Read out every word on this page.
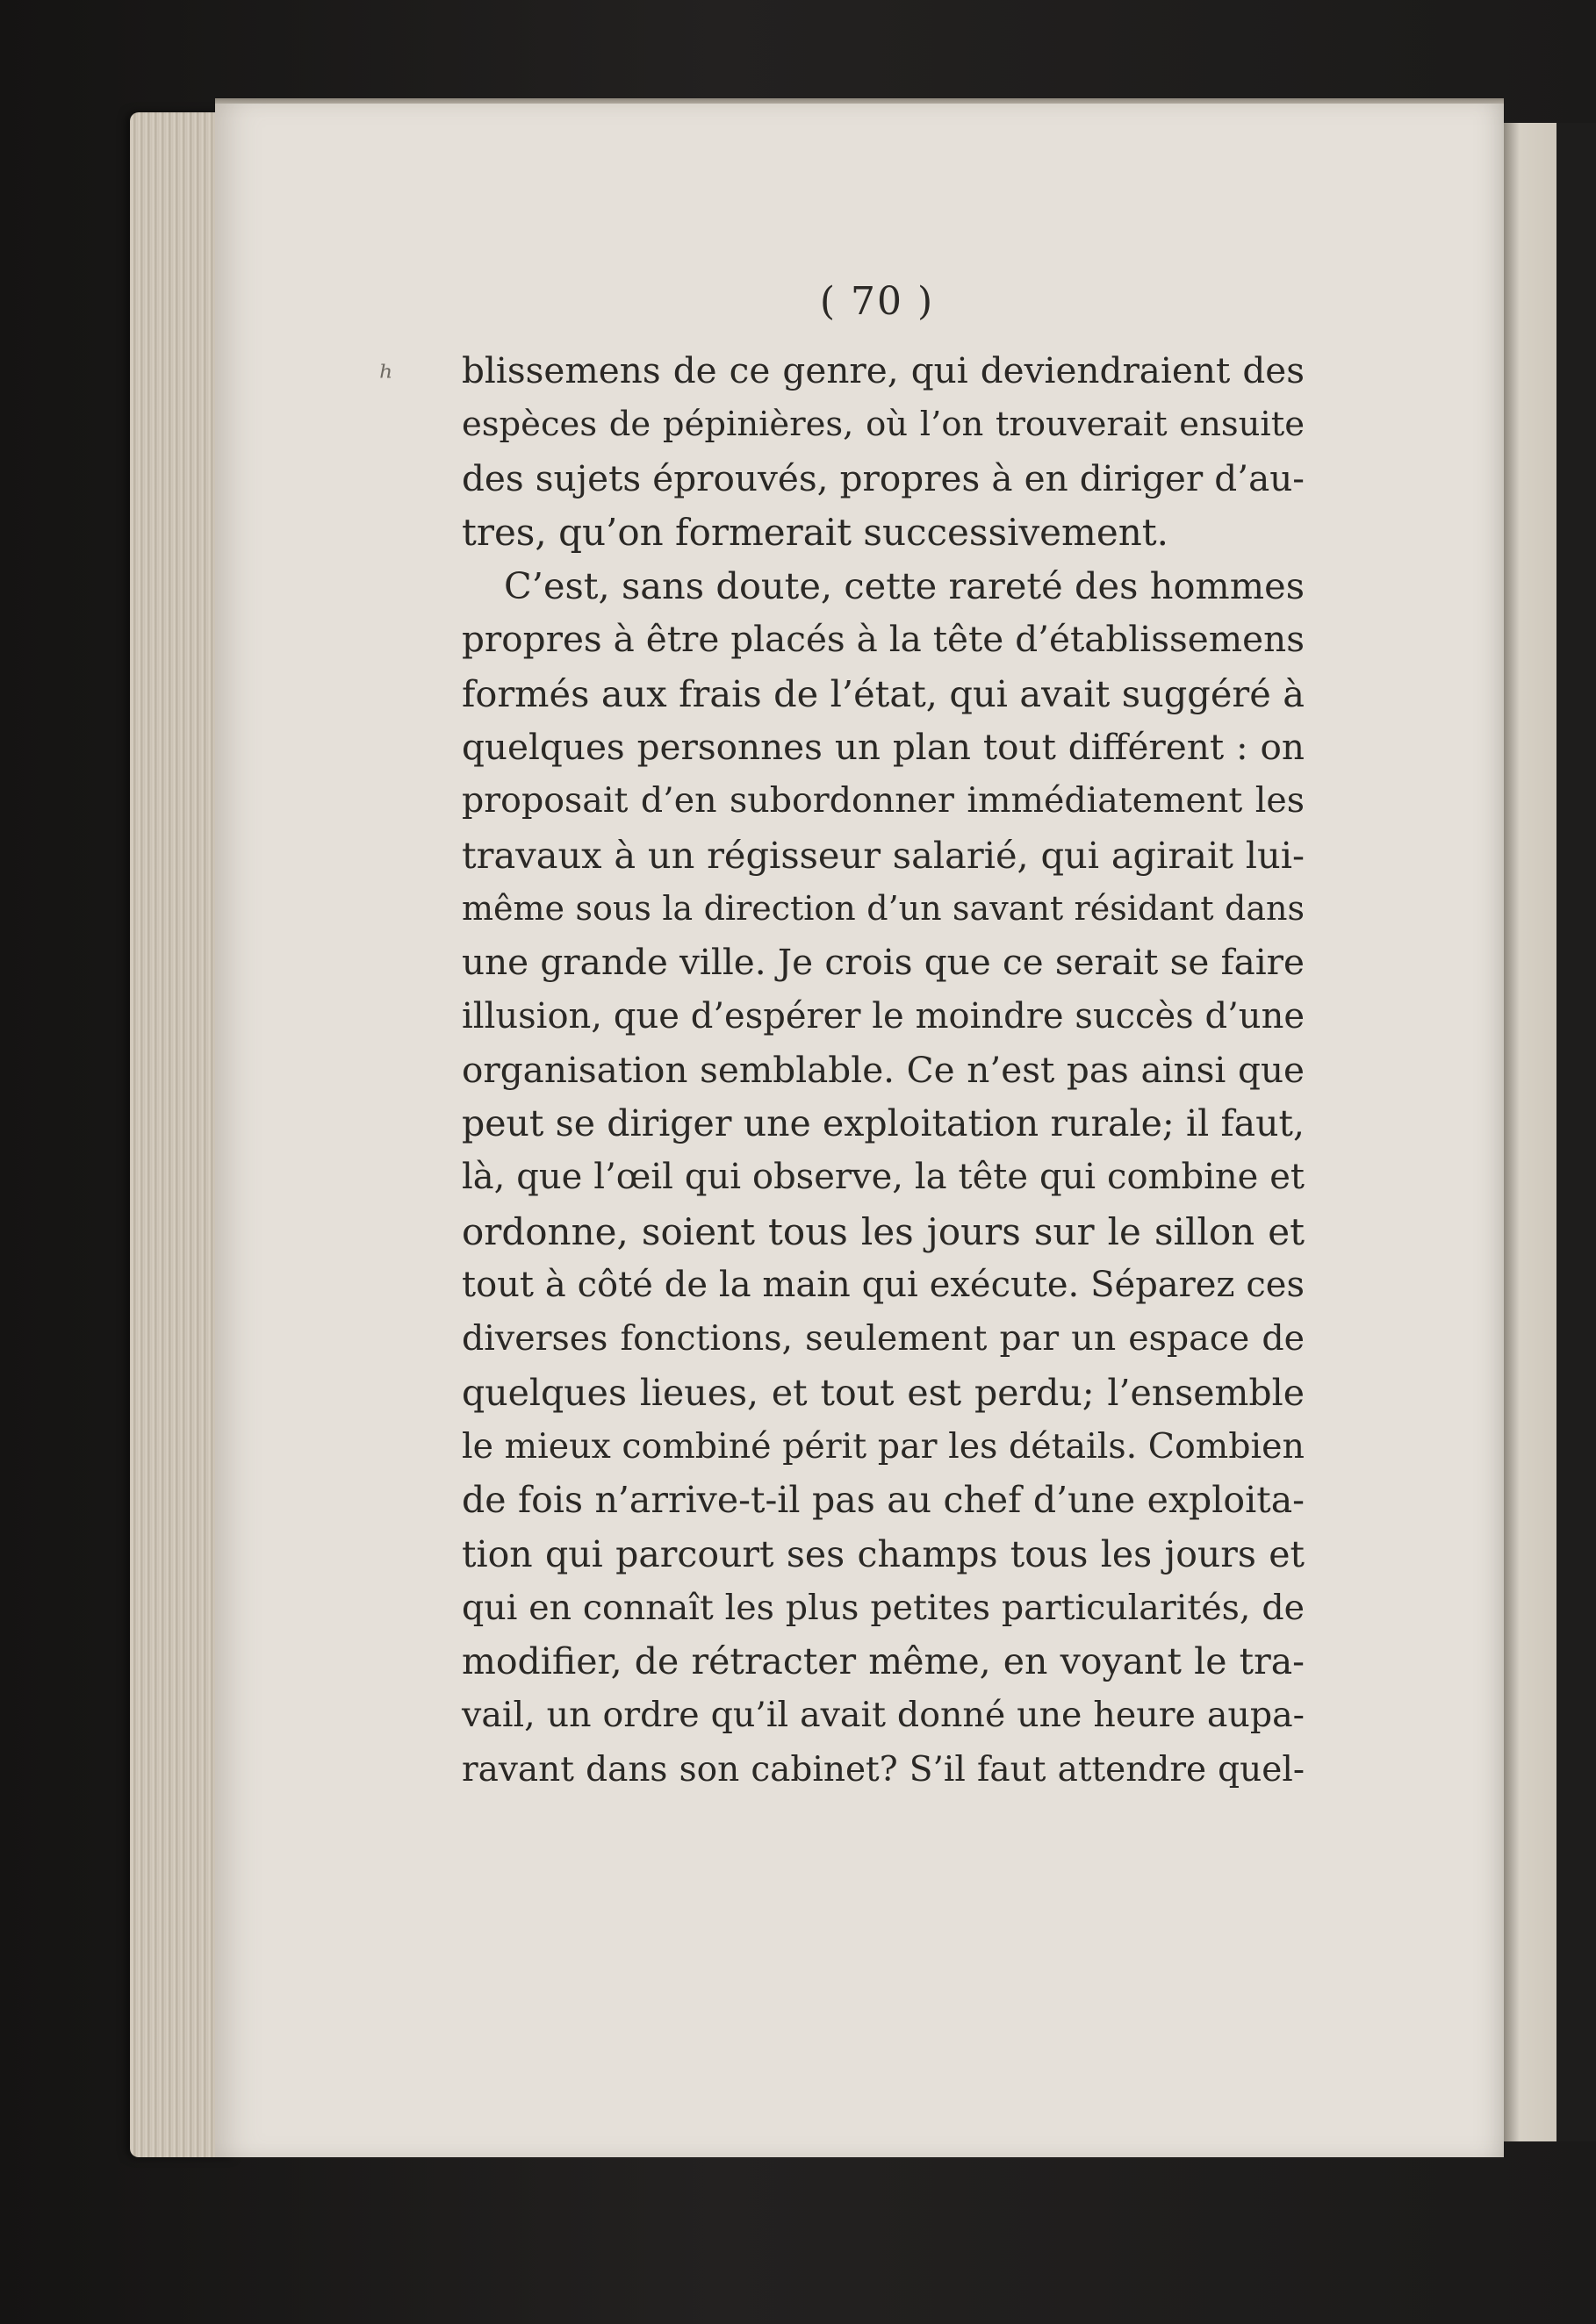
( 70 )
ʰ blissemens de ce genre, qui deviendraient des
espèces de pépinières, où l’on trouverait ensuite
des sujets éprouvés, propres à en diriger d’au-
tres, qu’on formerait successivement.
C’est, sans doute, cette rareté des hommes
propres à être placés à la tête d’établissemens
formés aux frais de l’état, qui avait suggéré à
quelques personnes un plan tout différent : on
proposait d’en subordonner immédiatement les
travaux à un régisseur salarié, qui agirait lui-
même sous la direction d’un savant résidant dans
une grande ville. Je crois que ce serait se faire
illusion, que d’espérer le moindre succès d’une
organisation semblable. Ce n’est pas ainsi que
peut se diriger une exploitation rurale; il faut,
là, que l’œil qui observe, la tête qui combine et
ordonne, soient tous les jours sur le sillon et
tout à côté de la main qui exécute. Séparez ces
diverses fonctions, seulement par un espace de
quelques lieues, et tout est perdu; l’ensemble
le mieux combiné périt par les détails. Combien
de fois n’arrive-t-il pas au chef d’une exploita-
tion qui parcourt ses champs tous les jours et
qui en connaît les plus petites particularités, de
modifier, de rétracter même, en voyant le tra-
vail, un ordre qu’il avait donné une heure aupa-
ravant dans son cabinet? S’il faut attendre quel-
